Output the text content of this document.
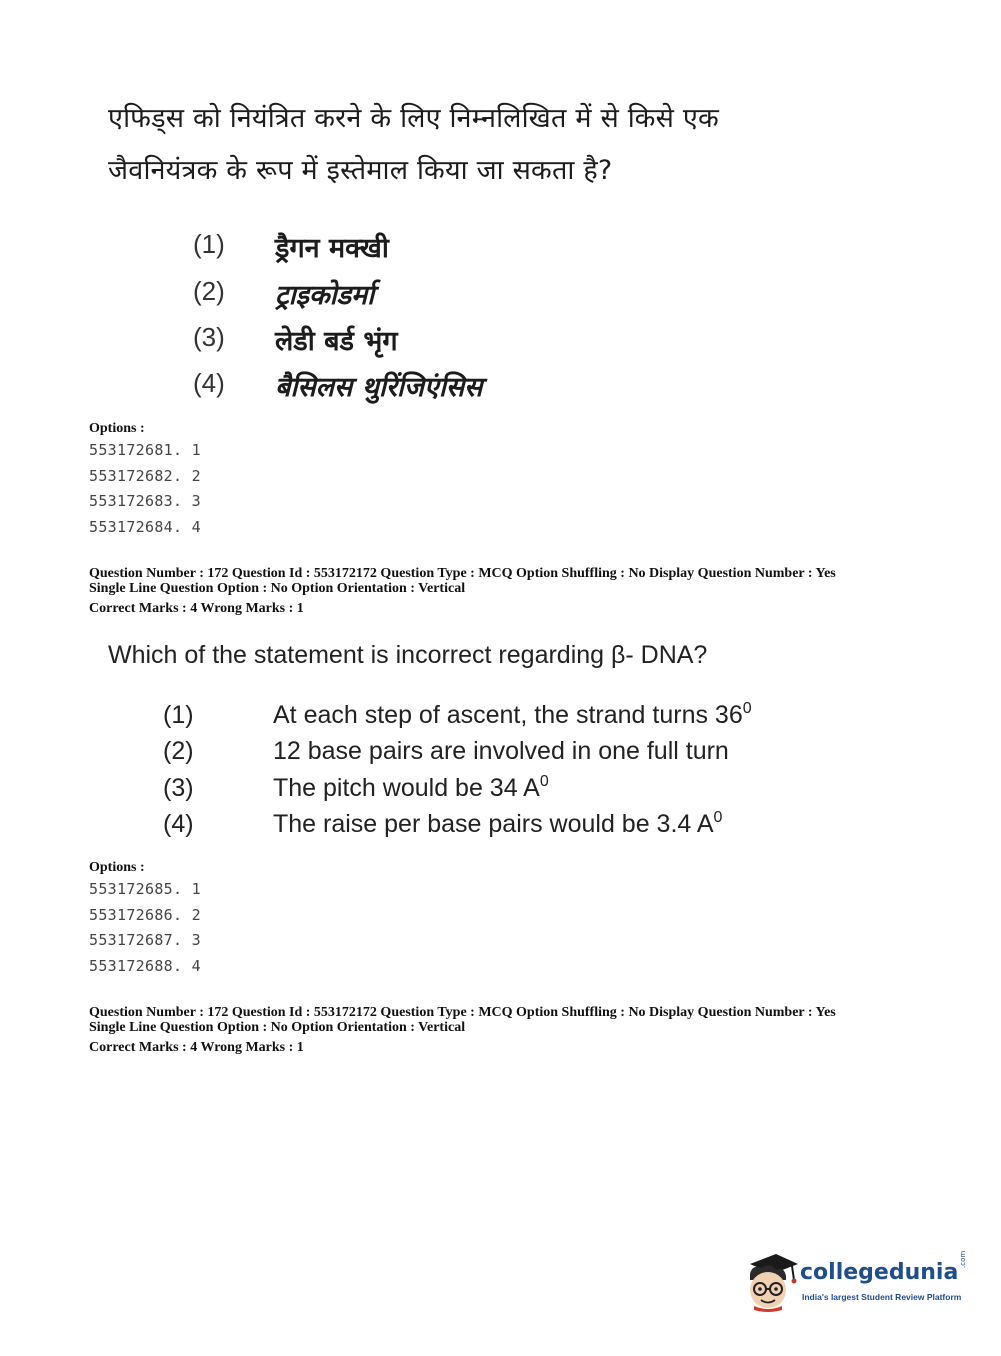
एफिड्स को नियंत्रित करने के लिए निम्नलिखित में से किसे एक
जैवनियंत्रक के रूप में इस्तेमाल किया जा सकता है?
(1) ड्रैगन मक्खी
(2) ट्राइकोडर्मा
(3) लेडी बर्ड भृंग
(4) बैसिलस थुरिंजिएंसिस
Options :
553172681. 1
553172682. 2
553172683. 3
553172684. 4
Question Number : 172 Question Id : 553172172 Question Type : MCQ Option Shuffling : No Display Question Number : Yes
Single Line Question Option : No Option Orientation : Vertical
Correct Marks : 4 Wrong Marks : 1
Which of the statement is incorrect regarding β- DNA?
(1)	At each step of ascent, the strand turns $36^0$
(2)	12 base pairs are involved in one full turn
(3)	The pitch would be 34 $A^0$
(4)	The raise per base pairs would be 3.4 $A^0$
Options :
553172685. 1
553172686. 2
553172687. 3
553172688. 4
Question Number : 172 Question Id : 553172172 Question Type : MCQ Option Shuffling : No Display Question Number : Yes
Single Line Question Option : No Option Orientation : Vertical
Correct Marks : 4 Wrong Marks : 1
collegedunia
.com
India's largest Student Review Platform
